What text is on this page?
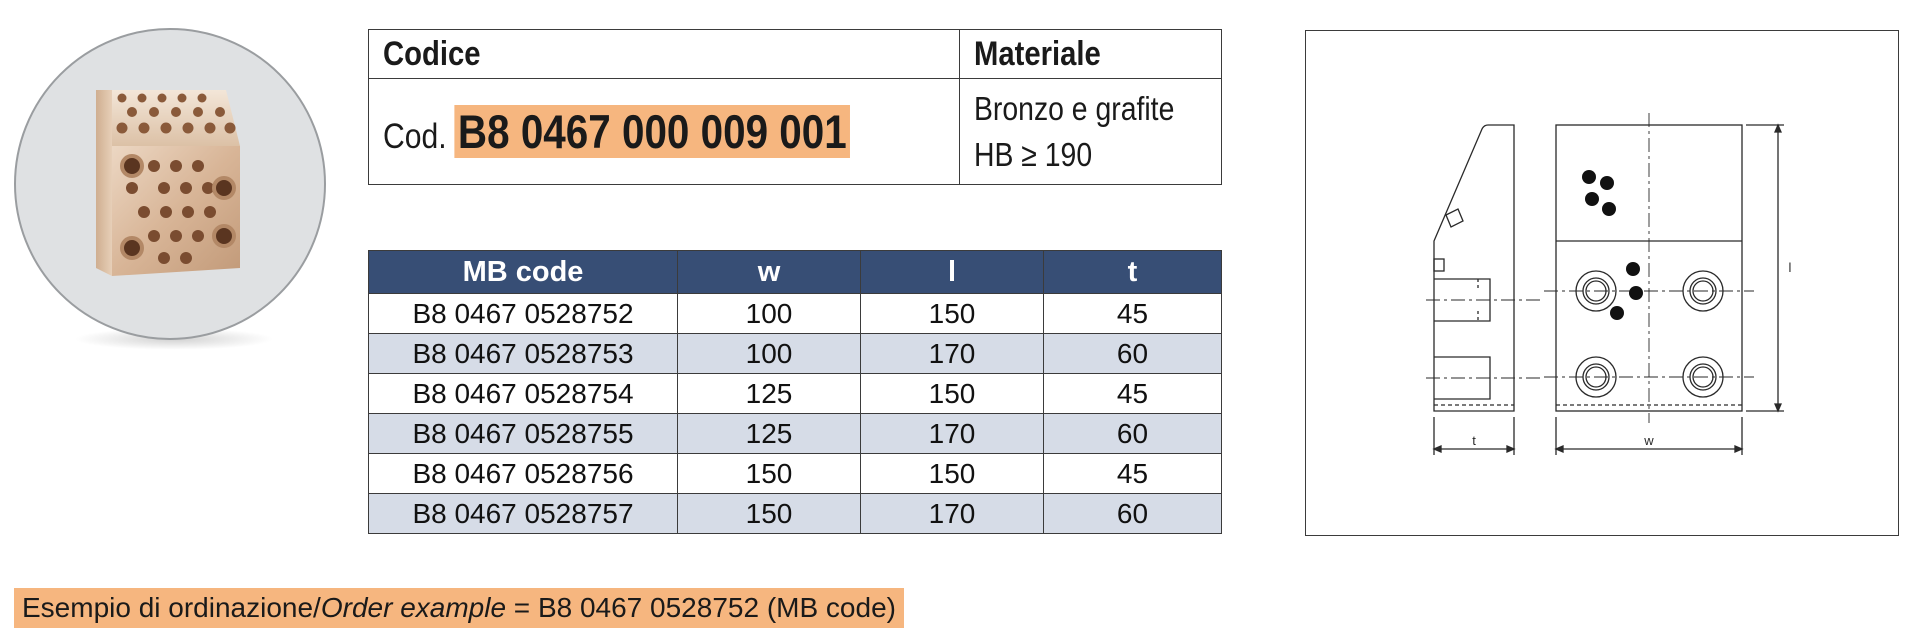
Codice	Materiale
Cod. B8 0467 000 009 001	Bronzo e grafite
HB ≥ 190
MB code	w	l	t
B8 0467 0528752	100	150	45
B8 0467 0528753	100	170	60
B8 0467 0528754	125	150	45
B8 0467 0528755	125	170	60
B8 0467 0528756	150	150	45
B8 0467 0528757	150	170	60
t	w
l
Esempio di ordinazione/Order example = B8 0467 0528752 (MB code)
